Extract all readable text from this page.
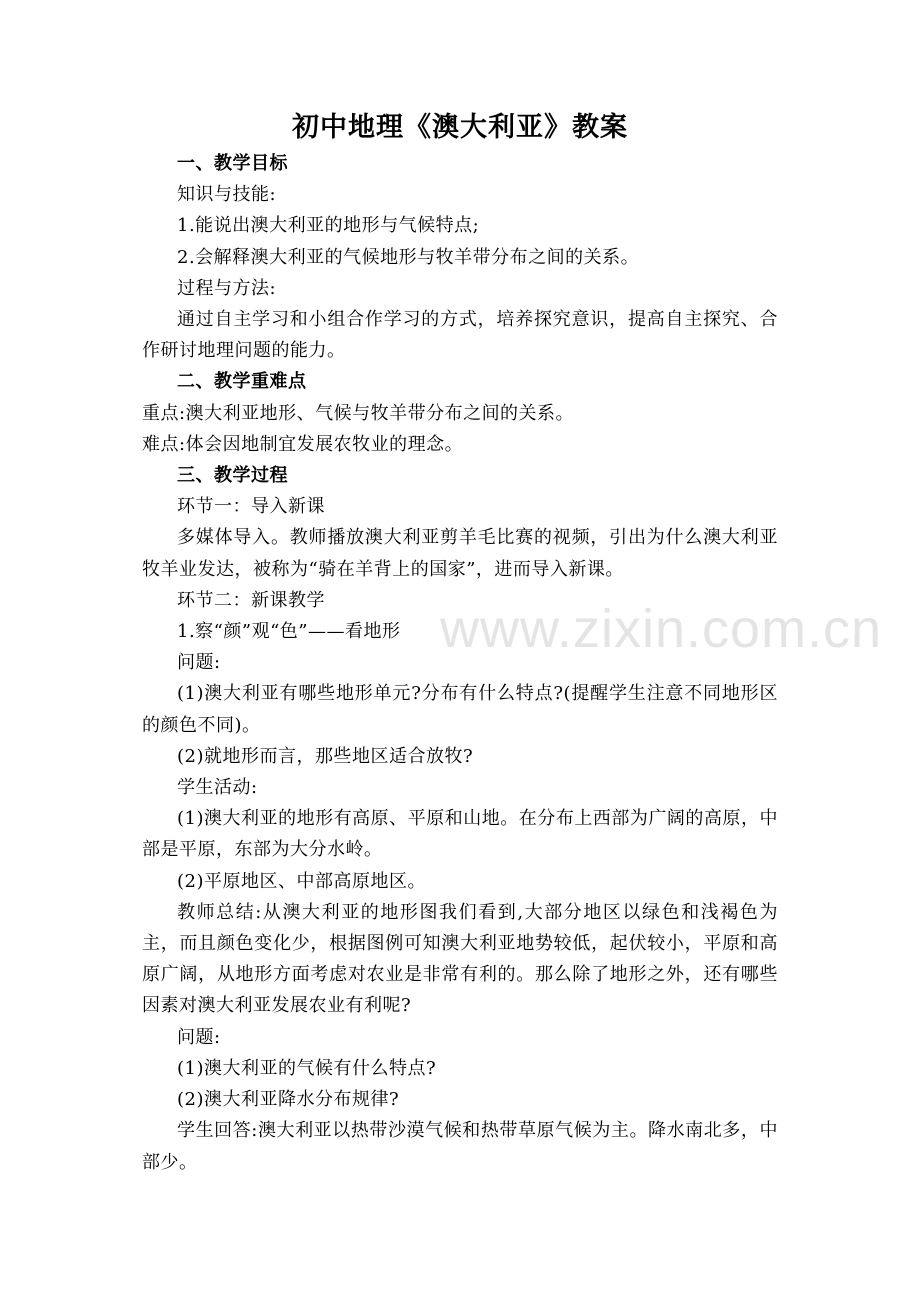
www.zixin.com.cn
初中地理《澳大利亚》教案

一、教学目标

知识与技能:

1.能说出澳大利亚的地形与气候特点;

2.会解释澳大利亚的气候地形与牧羊带分布之间的关系。

过程与方法:

通过自主学习和小组合作学习的方式，培养探究意识，提高自主探究、合作研讨地理问题的能力。

二、教学重难点

重点:澳大利亚地形、气候与牧羊带分布之间的关系。

难点:体会因地制宜发展农牧业的理念。

三、教学过程

环节一：导入新课

多媒体导入。教师播放澳大利亚剪羊毛比赛的视频，引出为什么澳大利亚牧羊业发达，被称为“骑在羊背上的国家”，进而导入新课。

环节二：新课教学

1.察“颜”观“色”——看地形

问题:

(1)澳大利亚有哪些地形单元?分布有什么特点?(提醒学生注意不同地形区的颜色不同)。

(2)就地形而言，那些地区适合放牧?

学生活动:

(1)澳大利亚的地形有高原、平原和山地。在分布上西部为广阔的高原，中部是平原，东部为大分水岭。

(2)平原地区、中部高原地区。

教师总结:从澳大利亚的地形图我们看到,大部分地区以绿色和浅褐色为主，而且颜色变化少，根据图例可知澳大利亚地势较低，起伏较小，平原和高原广阔，从地形方面考虑对农业是非常有利的。那么除了地形之外，还有哪些因素对澳大利亚发展农业有利呢?

问题:

(1)澳大利亚的气候有什么特点?

(2)澳大利亚降水分布规律?

学生回答:澳大利亚以热带沙漠气候和热带草原气候为主。降水南北多，中部少。
